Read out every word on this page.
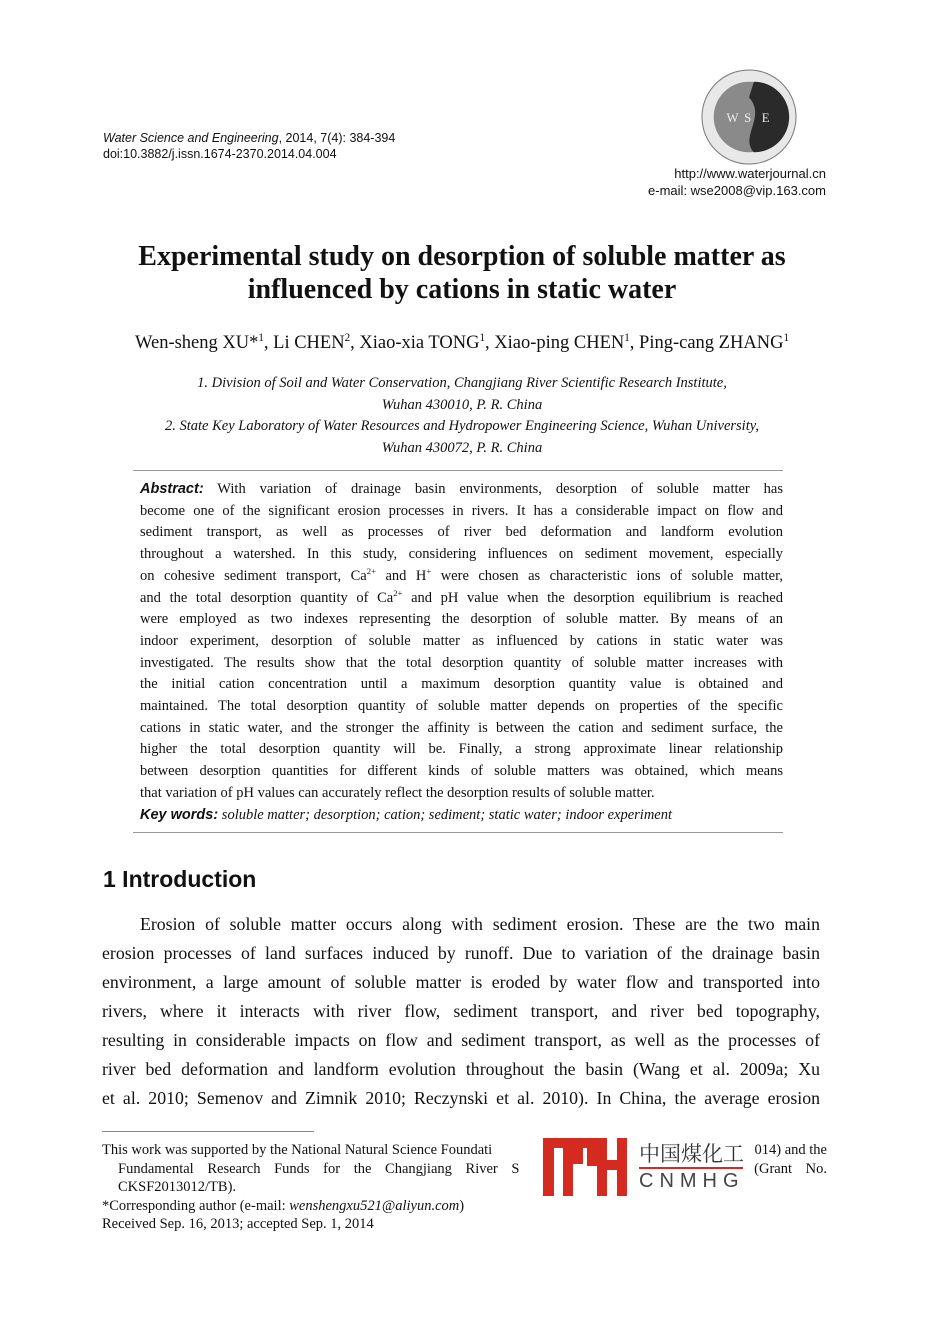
Water Science and Engineering, 2014, 7(4): 384-394
doi:10.3882/j.issn.1674-2370.2014.04.004
W S E
http://www.waterjournal.cn
e-mail: wse2008@vip.163.com
Experimental study on desorption of soluble matter as
influenced by cations in static water
Wen-sheng XU*$^1$, Li CHEN$^2$, Xiao-xia TONG$^1$, Xiao-ping CHEN$^1$, Ping-cang ZHANG$^1$
1. Division of Soil and Water Conservation, Changjiang River Scientific Research Institute,
Wuhan 430010, P. R. China
2. State Key Laboratory of Water Resources and Hydropower Engineering Science, Wuhan University,
Wuhan 430072, P. R. China
Abstract: With variation of drainage basin environments, desorption of soluble matter has
become one of the significant erosion processes in rivers. It has a considerable impact on flow and
sediment transport, as well as processes of river bed deformation and landform evolution
throughout a watershed. In this study, considering influences on sediment movement, especially
on cohesive sediment transport, $Ca^{2+}$ and H+ were chosen as characteristic ions of soluble matter,
and the total desorption quantity of $Ca^{2+}$ and pH value when the desorption equilibrium is reached
were employed as two indexes representing the desorption of soluble matter. By means of an
indoor experiment, desorption of soluble matter as influenced by cations in static water was
investigated. The results show that the total desorption quantity of soluble matter increases with
the initial cation concentration until a maximum desorption quantity value is obtained and
maintained. The total desorption quantity of soluble matter depends on properties of the specific
cations in static water, and the stronger the affinity is between the cation and sediment surface, the
higher the total desorption quantity will be. Finally, a strong approximate linear relationship
between desorption quantities for different kinds of soluble matters was obtained, which means
that variation of pH values can accurately reflect the desorption results of soluble matter.
Key words: soluble matter; desorption; cation; sediment; static water; indoor experiment
1 Introduction
Erosion of soluble matter occurs along with sediment erosion. These are the two main
erosion processes of land surfaces induced by runoff. Due to variation of the drainage basin
environment, a large amount of soluble matter is eroded by water flow and transported into
rivers, where it interacts with river flow, sediment transport, and river bed topography,
resulting in considerable impacts on flow and sediment transport, as well as the processes of
river bed deformation and landform evolution throughout the basin (Wang et al. 2009a; Xu
et al. 2010; Semenov and Zimnik 2010; Reczynski et al. 2010). In China, the average erosion
This work was supported by the National Natural Science Foundati	014) and the
Fundamental Research Funds for the Changjiang River S	(Grant No.
CKSF2013012/TB).
*Corresponding author (e-mail: wenshengxu521@aliyun.com)
Received Sep. 16, 2013; accepted Sep. 1, 2014
中国煤化工
CNMHG
